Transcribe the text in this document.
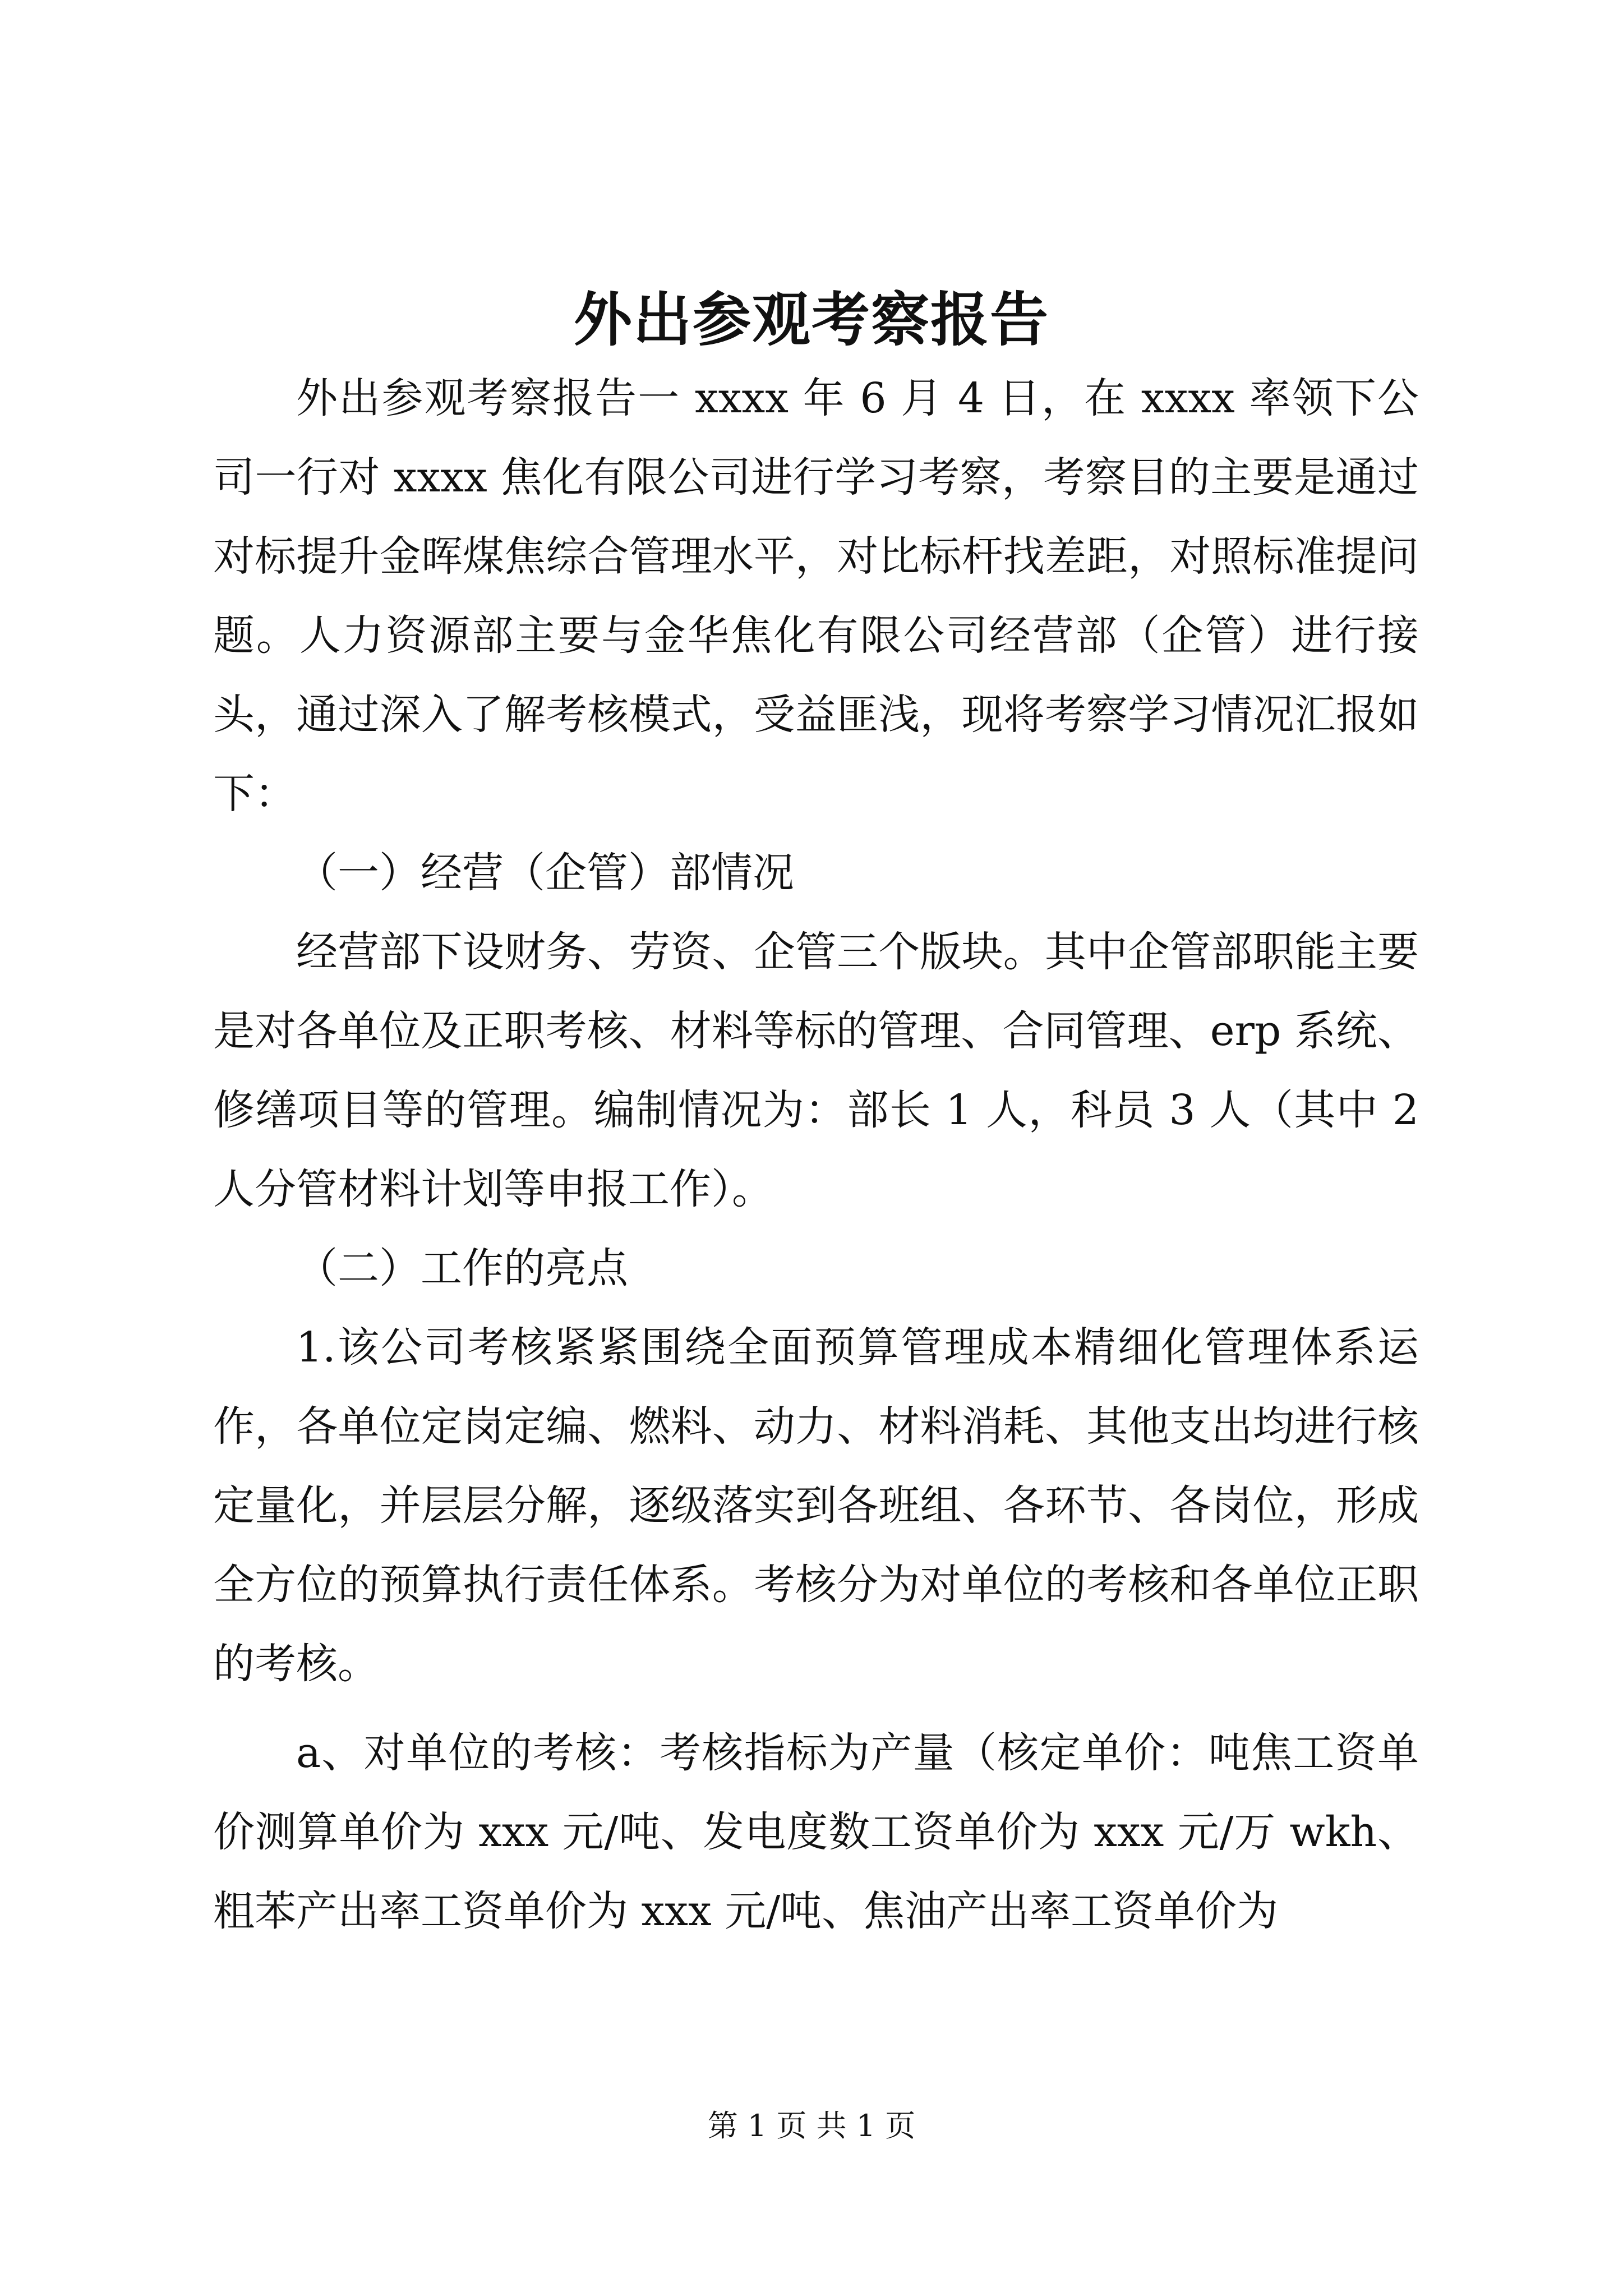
外出参观考察报告

外出参观考察报告一 xxxx 年 6 月 4 日，在 xxxx 率领下公司一行对 xxxx 焦化有限公司进行学习考察，考察目的主要是通过对标提升金晖煤焦综合管理水平，对比标杆找差距，对照标准提问题。人力资源部主要与金华焦化有限公司经营部（企管）进行接头，通过深入了解考核模式，受益匪浅，现将考察学习情况汇报如下：

（一）经营（企管）部情况

经营部下设财务、劳资、企管三个版块。其中企管部职能主要是对各单位及正职考核、材料等标的管理、合同管理、erp 系统、修缮项目等的管理。编制情况为：部长 1 人，科员 3 人（其中 2 人分管材料计划等申报工作）。

（二）工作的亮点

1.该公司考核紧紧围绕全面预算管理成本精细化管理体系运作，各单位定岗定编、燃料、动力、材料消耗、其他支出均进行核定量化，并层层分解，逐级落实到各班组、各环节、各岗位，形成全方位的预算执行责任体系。考核分为对单位的考核和各单位正职的考核。

a、对单位的考核：考核指标为产量（核定单价：吨焦工资单价测算单价为 xxx 元/吨、发电度数工资单价为 xxx 元/万 wkh、粗苯产出率工资单价为 xxx 元/吨、焦油产出率工资单价为

第 1 页 共 1 页
